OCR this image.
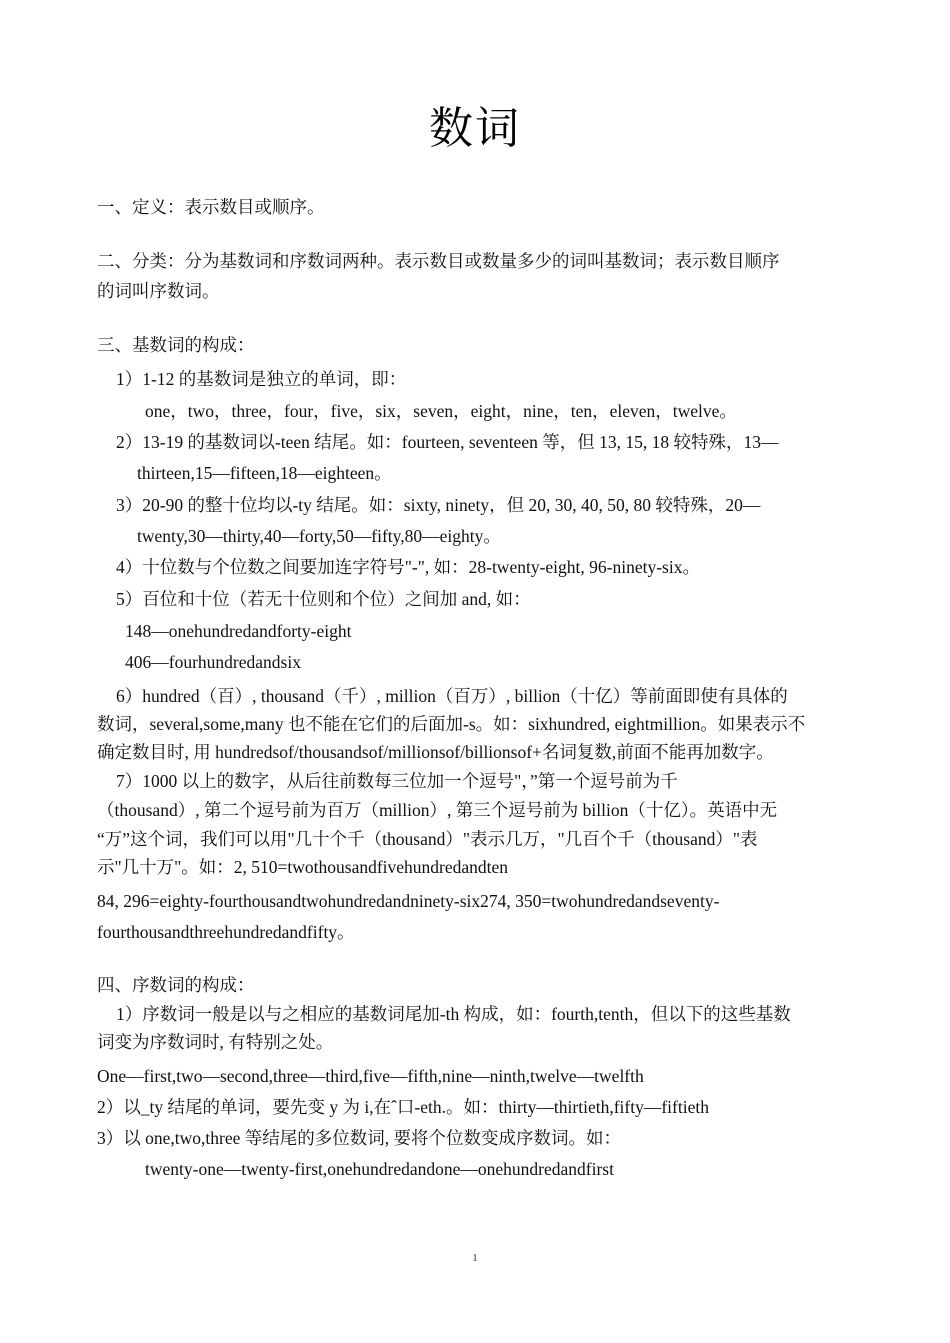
数词
一、定义：表示数目或顺序。
二、分类：分为基数词和序数词两种。表示数目或数量多少的词叫基数词；表示数目顺序
的词叫序数词。
三、基数词的构成：
1）1-12 的基数词是独立的单词，即：
one，two，three，four，five，six，seven，eight，nine，ten，eleven，twelve。
2）13-19 的基数词以-teen 结尾。如：fourteen, seventeen 等，但 13, 15, 18 较特殊，13—
thirteen,15—fifteen,18—eighteen。
3）20-90 的整十位均以-ty 结尾。如：sixty, ninety，但 20, 30, 40, 50, 80 较特殊，20—
twenty,30—thirty,40—forty,50—fifty,80—eighty。
4）十位数与个位数之间要加连字符号"-", 如：28-twenty-eight, 96-ninety-six。
5）百位和十位（若无十位则和个位）之间加 and, 如：
148—onehundredandforty-eight
406—fourhundredandsix
6）hundred（百）, thousand（千）, million（百万）, billion（十亿）等前面即使有具体的
数词，several,some,many 也不能在它们的后面加-s。如：sixhundred, eightmillion。如果表示不
确定数目时, 用 hundredsof/thousandsof/millionsof/billionsof+名词复数,前面不能再加数字。
7）1000 以上的数字，从后往前数每三位加一个逗号"，”第一个逗号前为千
（thousand）, 第二个逗号前为百万（million）, 第三个逗号前为 billion（十亿）。英语中无
“万”这个词，我们可以用"几十个千（thousand）"表示几万，"几百个千（thousand）"表
示"几十万"。如：2, 510=twothousandfivehundredandten
84, 296=eighty-fourthousandtwohundredandninety-six274, 350=twohundredandseventy-
fourthousandthreehundredandfifty。
四、序数词的构成：
1）序数词一般是以与之相应的基数词尾加-th 构成，如：fourth,tenth，但以下的这些基数
词变为序数词时, 有特别之处。
One—first,two—second,three—third,five—fifth,nine—ninth,twelve—twelfth
2）以_ty 结尾的单词，要先变 y 为 i,在ˆ口-eth.。如：thirty—thirtieth,fifty—fiftieth
3）以 one,two,three 等结尾的多位数词, 要将个位数变成序数词。如：
twenty-one—twenty-first,onehundredandone—onehundredandfirst
1
